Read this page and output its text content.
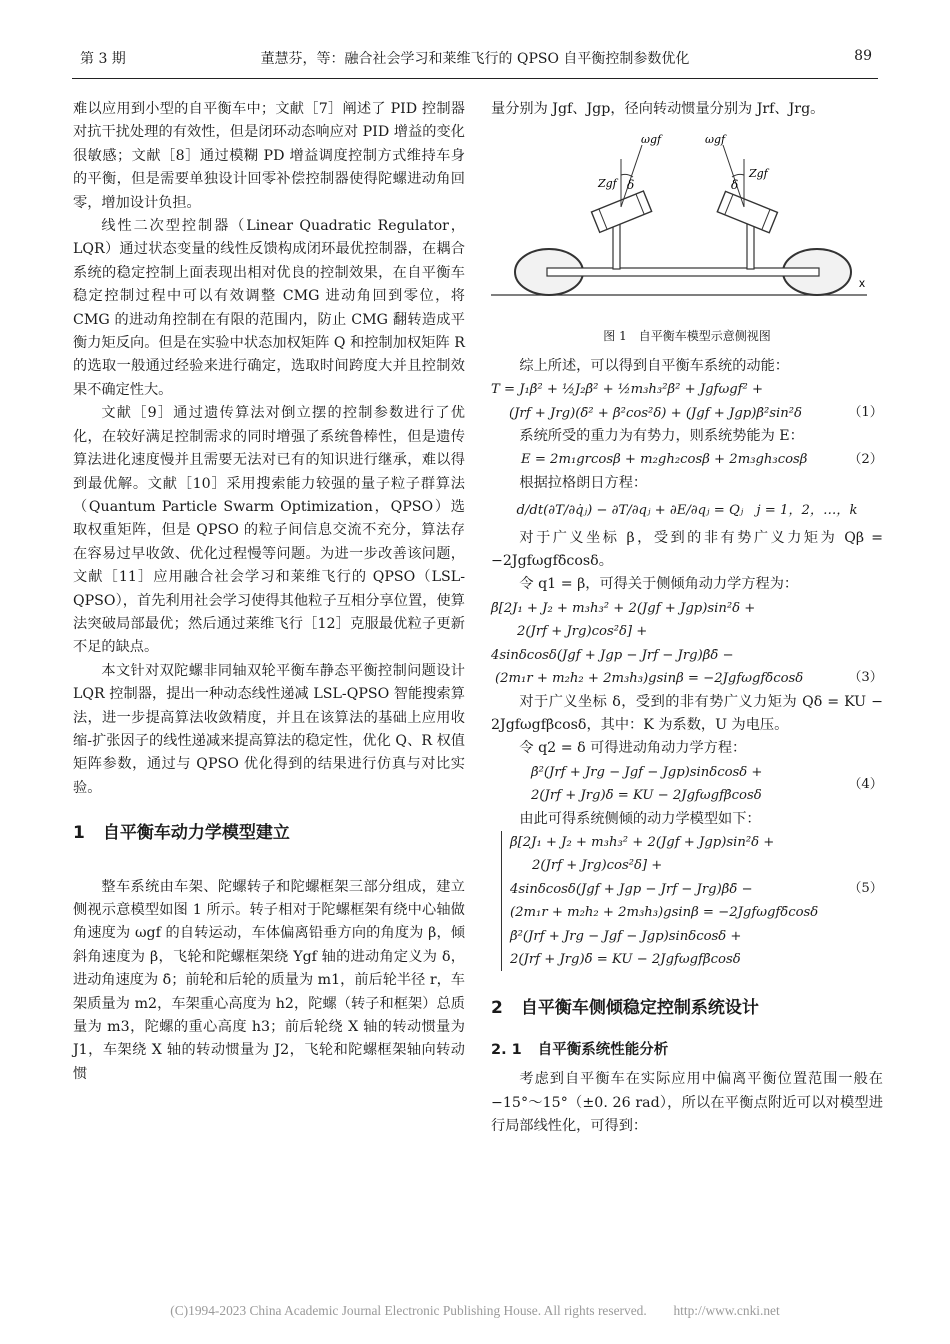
第 3 期	董慧芬，等：融合社会学习和莱维飞行的 QPSO 自平衡控制参数优化	89

难以应用到小型的自平衡车中；文献［7］阐述了 PID 控制器对抗干扰处理的有效性，但是闭环动态响应对 PID 增益的变化很敏感；文献［8］通过模糊 PD 增益调度控制方式维持车身的平衡，但是需要单独设计回零补偿控制器使得陀螺进动角回零，增加设计负担。

线性二次型控制器（Linear Quadratic Regulator，LQR）通过状态变量的线性反馈构成闭环最优控制器，在耦合系统的稳定控制上面表现出相对优良的控制效果，在自平衡车稳定控制过程中可以有效调整 CMG 进动角回到零位，将 CMG 的进动角控制在有限的范围内，防止 CMG 翻转造成平衡力矩反向。但是在实验中状态加权矩阵 Q 和控制加权矩阵 R 的选取一般通过经验来进行确定，选取时间跨度大并且控制效果不确定性大。

文献［9］通过遗传算法对倒立摆的控制参数进行了优化，在较好满足控制需求的同时增强了系统鲁棒性，但是遗传算法进化速度慢并且需要无法对已有的知识进行继承，难以得到最优解。文献［10］采用搜索能力较强的量子粒子群算法（Quantum Particle Swarm Optimization，QPSO）选取权重矩阵，但是 QPSO 的粒子间信息交流不充分，算法存在容易过早收敛、优化过程慢等问题。为进一步改善该问题，文献［11］应用融合社会学习和莱维飞行的 QPSO（LSL-QPSO），首先利用社会学习使得其他粒子互相分享位置，使算法突破局部最优；然后通过莱维飞行［12］克服最优粒子更新不足的缺点。

本文针对双陀螺非同轴双轮平衡车静态平衡控制问题设计 LQR 控制器，提出一种动态线性递减 LSL-QPSO 智能搜索算法，进一步提高算法收敛精度，并且在该算法的基础上应用收缩-扩张因子的线性递减来提高算法的稳定性，优化 Q、R 权值矩阵参数，通过与 QPSO 优化得到的结果进行仿真与对比实验。

1 自平衡车动力学模型建立

整车系统由车架、陀螺转子和陀螺框架三部分组成，建立侧视示意模型如图 1 所示。转子相对于陀螺框架有绕中心轴做角速度为 ωgf 的自转运动，车体偏离铅垂方向的角度为 β，倾斜角速度为 β̇，飞轮和陀螺框架绕 Ygf 轴的进动角定义为 δ，进动角速度为 δ̇；前轮和后轮的质量为 m1，前后轮半径 r，车架质量为 m2，车架重心高度为 h2，陀螺（转子和框架）总质量为 m3，陀螺的重心高度 h3；前后轮绕 X 轴的转动惯量为 J1，车架绕 X 轴的转动惯量为 J2，飞轮和陀螺框架轴向转动惯

量分别为 Jgf、Jgp，径向转动惯量分别为 Jrf、Jrg。

x
ωgf	ωgf
Zgf
Zgf
δ	δ
图 1　自平衡车模型示意侧视图

综上所述，可以得到自平衡车系统的动能：

T = J₁β̇² + ½J₂β̇² + ½m₃h₃²β̇² + Jgfωgf² +
(Jrf + Jrg)(δ̇² + β̇²cos²δ) + (Jgf + Jgp)β̇²sin²δ	（1）

系统所受的重力为有势力，则系统势能为 E：

E = 2m₁grcosβ + m₂gh₂cosβ + 2m₃gh₃cosβ	（2）

根据拉格朗日方程：

d/dt(∂T/∂q̇ⱼ) − ∂T/∂qⱼ + ∂E/∂qⱼ = Qⱼ　j = 1，2，…，k

对于广义坐标 β，受到的非有势广义力矩为 Qβ = −2Jgfωgfδ̇cosδ。

令 q1 = β，可得关于侧倾角动力学方程为：

β̈[2J₁ + J₂ + m₃h₃² + 2(Jgf + Jgp)sin²δ +
2(Jrf + Jrg)cos²δ] +
4sinδcosδ(Jgf + Jgp − Jrf − Jrg)β̇δ̇ −
(2m₁r + m₂h₂ + 2m₃h₃)gsinβ = −2Jgfωgfδ̇cosδ	（3）

对于广义坐标 δ，受到的非有势广义力矩为 Qδ = KU − 2Jgfωgfβ̇cosδ，其中：K 为系数，U 为电压。

令 q2 = δ 可得进动角动力学方程：

β̇²(Jrf + Jrg − Jgf − Jgp)sinδcosδ +
2(Jrf + Jrg)δ̈ = KU − 2Jgfωgfβ̇cosδ
（4）

由此可得系统侧倾的动力学模型如下：

β̈[2J₁ + J₂ + m₃h₃² + 2(Jgf + Jgp)sin²δ +
2(Jrf + Jrg)cos²δ] +
4sinδcosδ(Jgf + Jgp − Jrf − Jrg)β̇δ̇ −
(2m₁r + m₂h₂ + 2m₃h₃)gsinβ = −2Jgfωgfδ̇cosδ
β̇²(Jrf + Jrg − Jgf − Jgp)sinδcosδ +
2(Jrf + Jrg)δ̈ = KU − 2Jgfωgfβ̇cosδ
（5）
2 自平衡车侧倾稳定控制系统设计
2. 1 自平衡系统性能分析

考虑到自平衡车在实际应用中偏离平衡位置范围一般在 −15°～15°（±0. 26 rad），所以在平衡点附近可以对模型进行局部线性化，可得到：

(C)1994-2023 China Academic Journal Electronic Publishing House. All rights reserved.　　http://www.cnki.net
